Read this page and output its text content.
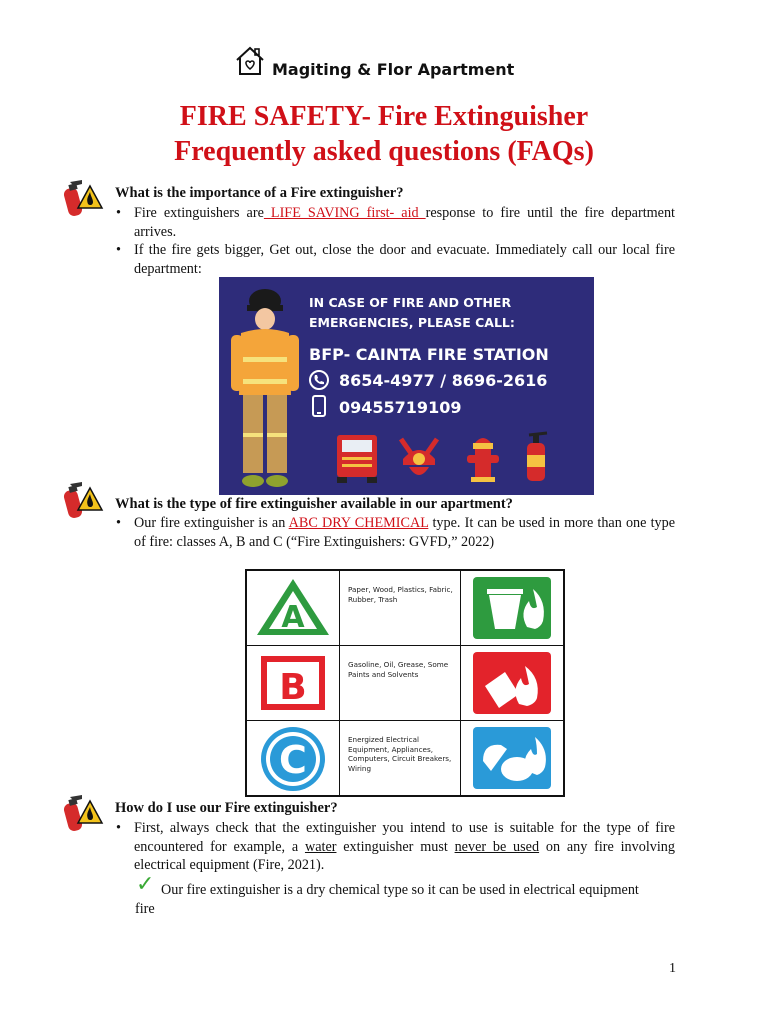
Magiting & Flor Apartment
FIRE SAFETY- Fire Extinguisher
Frequently asked questions (FAQs)
What is the importance of a Fire extinguisher?
• Fire extinguishers are LIFE SAVING first- aid response to fire until the fire department arrives.
• If the fire gets bigger, Get out, close the door and evacuate. Immediately call our local fire department:
IN CASE OF FIRE AND OTHER
EMERGENCIES, PLEASE CALL:
BFP- CAINTA FIRE STATION
8654-4977 / 8696-2616
09455719109
What is the type of fire extinguisher available in our apartment?
• Our fire extinguisher is an ABC DRY CHEMICAL type. It can be used in more than one type of fire: classes A, B and C (“Fire Extinguishers: GVFD,” 2022)
A
Paper, Wood, Plastics, Fabric, Rubber, Trash
B
Gasoline, Oil, Grease, Some Paints and Solvents
C	Energized Electrical Equipment, Appliances, Computers, Circuit Breakers, Wiring
How do I use our Fire extinguisher?
• First, always check that the extinguisher you intend to use is suitable for the type of fire encountered for example, a water extinguisher must never be used on any fire involving electrical equipment (Fire, 2021).
✓ Our fire extinguisher is a dry chemical type so it can be used in electrical equipment fire
1
